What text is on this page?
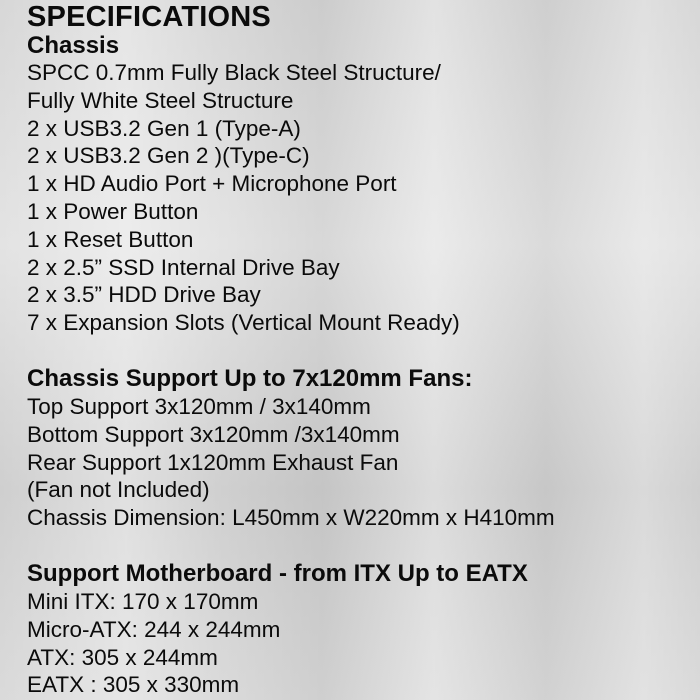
SPECIFICATIONS
Chassis
SPCC 0.7mm Fully Black Steel Structure/
Fully White Steel Structure
2 x USB3.2 Gen 1 (Type-A)
2 x USB3.2 Gen 2 )(Type-C)
1 x HD Audio Port + Microphone Port
1 x Power Button
1 x Reset Button
2 x 2.5” SSD Internal Drive Bay
2 x 3.5” HDD Drive Bay
7 x Expansion Slots (Vertical Mount Ready)
Chassis Support Up to 7x120mm Fans:
Top Support 3x120mm / 3x140mm
Bottom Support 3x120mm /3x140mm
Rear Support 1x120mm Exhaust Fan
(Fan not Included)
Chassis Dimension: L450mm x W220mm x H410mm
Support Motherboard - from ITX Up to EATX
Mini ITX: 170 x 170mm
Micro-ATX: 244 x 244mm
ATX: 305 x 244mm
EATX : 305 x 330mm
